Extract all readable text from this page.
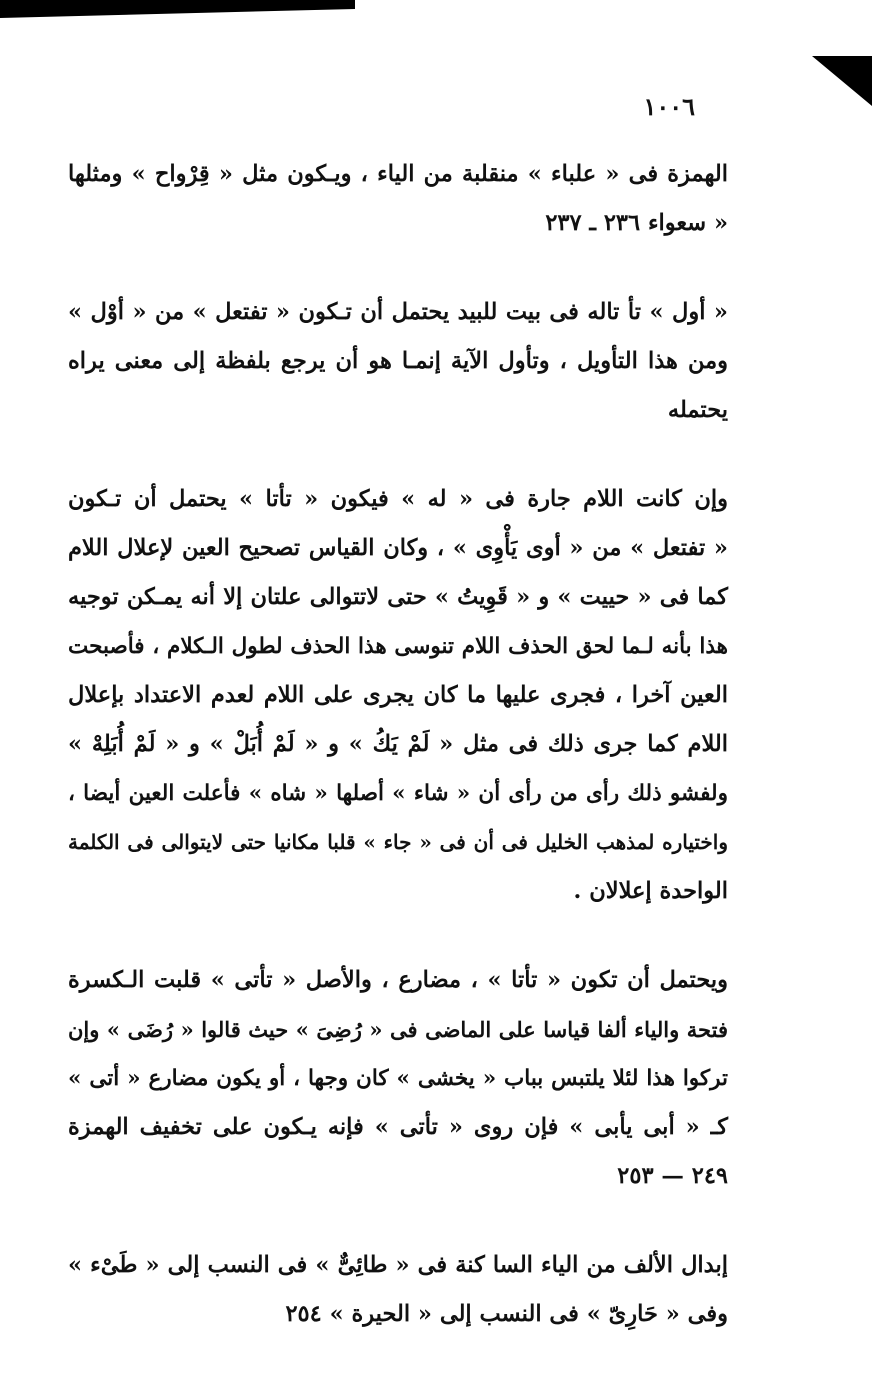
١٠٠٦
الهمزة فى « علباء » منقلبة من الياء ، ويـكون مثل « قِرْواح » ومثلها
« سعواء ٢٣٦ ـ ٢٣٧
« أول » تأ تاله فى بيت للبيد يحتمل أن تـكون « تفتعل » من « أوْل »
ومن هذا التأويل ، وتأول الآية إنمـا هو أن يرجع بلفظة إلى معنى يراه
يحتمله
وإن كانت اللام جارة فى « له » فيكون « تأتا » يحتمل أن تـكون
« تفتعل » من « أوى يَأْوِى » ، وكان القياس تصحيح العين لإعلال اللام
كما فى « حييت » و « قَوِيتُ » حتى لاتتوالى علتان إلا أنه يمـكن توجيه
هذا بأنه لـما لحق الحذف اللام تنوسى هذا الحذف لطول الـكلام ، فأصبحت
العين آخرا ، فجرى عليها ما كان يجرى على اللام لعدم الاعتداد بإعلال
اللام كما جرى ذلك فى مثل « لَمْ يَكُ » و « لَمْ أُبَلْ » و « لَمْ أُبَلِهْ »
ولفشو ذلك رأى من رأى أن « شاء » أصلها « شاه » فأعلت العين أيضا ،
واختياره لمذهب الخليل فى أن فى « جاء » قلبا مكانيا حتى لايتوالى فى الكلمة
الواحدة إعلالان .
ويحتمل أن تكون « تأتا » ، مضارع ، والأصل « تأتى » قلبت الـكسرة
فتحة والياء ألفا قياسا على الماضى فى « رُضِىَ » حيث قالوا « رُضَى » وإن
تركوا هذا لئلا يلتبس بباب « يخشى » كان وجها ، أو يكون مضارع « أتى »
كـ « أبى يأبى » فإن روى « تأتى » فإنه يـكون على تخفيف الهمزة
٢٤٩ — ٢٥٣
إبدال الألف من الياء السا كنة فى « طائِىٌّ » فى النسب إلى « طَىْء »
وفى « حَارِىّ » فى النسب إلى « الحيرة » ٢٥٤
